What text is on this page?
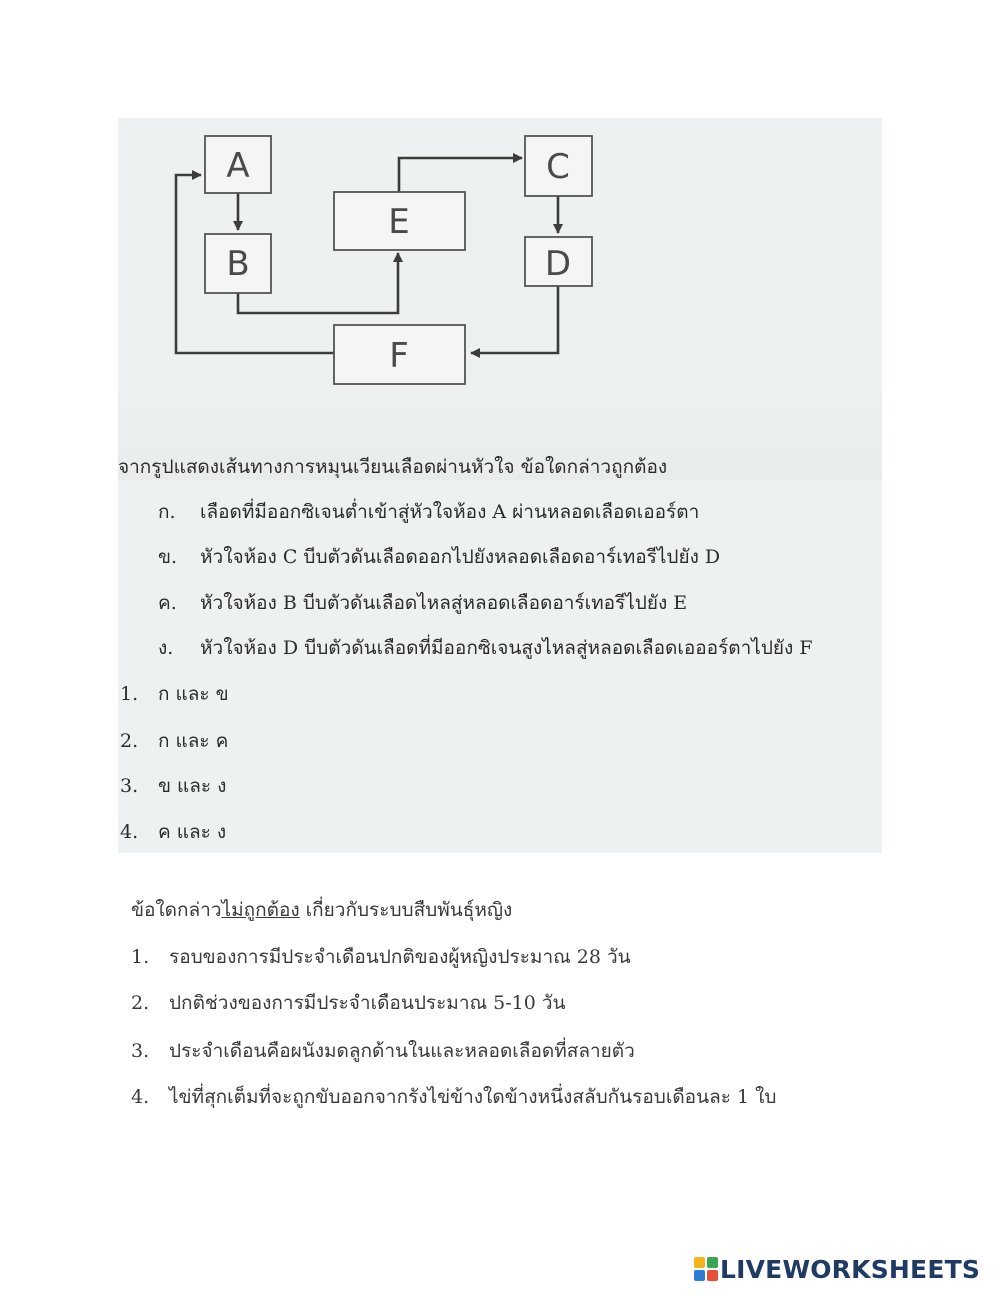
A
B
E
C
D
F
จากรูปแสดงเส้นทางการหมุนเวียนเลือดผ่านหัวใจ ข้อใดกล่าวถูกต้อง
ก. เลือดที่มีออกซิเจนต่ำเข้าสู่หัวใจห้อง A ผ่านหลอดเลือดเออร์ตา
ข. หัวใจห้อง C บีบตัวดันเลือดออกไปยังหลอดเลือดอาร์เทอรีไปยัง D
ค. หัวใจห้อง B บีบตัวดันเลือดไหลสู่หลอดเลือดอาร์เทอรีไปยัง E
ง. หัวใจห้อง D บีบตัวดันเลือดที่มีออกซิเจนสูงไหลสู่หลอดเลือดเอออร์ตาไปยัง F
1. ก และ ข
2. ก และ ค
3. ข และ ง
4. ค และ ง
ข้อใดกล่าวไม่ถูกต้อง เกี่ยวกับระบบสืบพันธุ์หญิง
1. รอบของการมีประจำเดือนปกติของผู้หญิงประมาณ 28 วัน
2. ปกติช่วงของการมีประจำเดือนประมาณ 5-10 วัน
3. ประจำเดือนคือผนังมดลูกด้านในและหลอดเลือดที่สลายตัว
4. ไข่ที่สุกเต็มที่จะถูกขับออกจากรังไข่ข้างใดข้างหนึ่งสลับกันรอบเดือนละ 1 ใบ
LIVEWORKSHEETS
